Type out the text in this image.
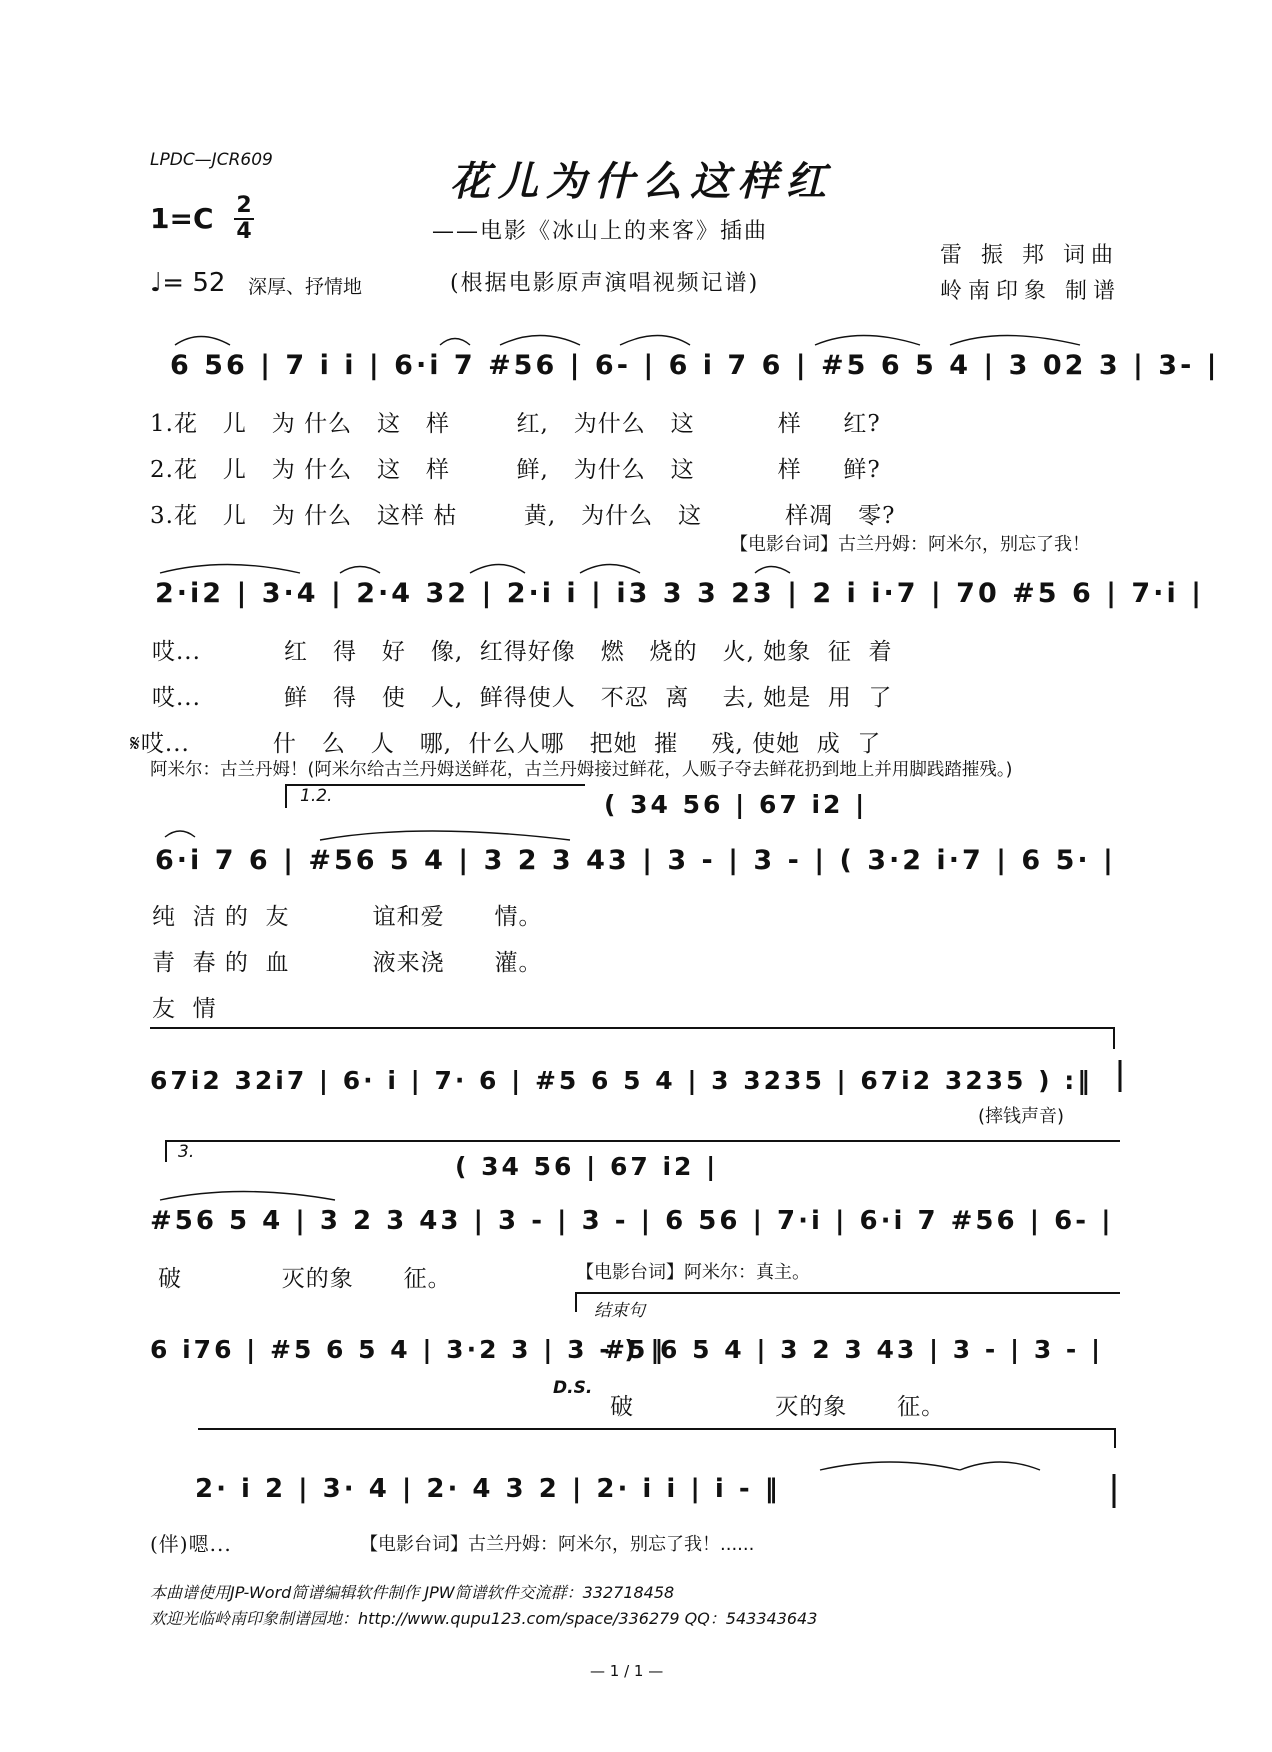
LPDC—JCR609	花儿为什么这样红
——电影《冰山上的来客》插曲
(根据电影原声演唱视频记谱)
1=C 2
4
♩= 52 深厚、抒情地
雷 振 邦 词曲
岭南印象 制谱
6 56 | 7 i i | 6·i 7 #56 | 6- | 6 i 7 6 | #5 6 5 4 | 3 02 3 | 3- |
1.花   儿   为 什么   这   样        红,   为什么   这          样     红?
2.花   儿   为 什么   这   样        鲜,   为什么   这          样     鲜?
3.花   儿   为 什么   这样 枯        黄,   为什么   这          样凋   零?
【电影台词】古兰丹姆：阿米尔，别忘了我！
2·i2 | 3·4 | 2·4 32 | 2·i i | i3 3 3 23 | 2 i i·7 | 70 #5 6 | 7·i |
哎...          红   得   好   像,  红得好像   燃   烧的   火, 她象  征  着
哎...          鲜   得   使   人,  鲜得使人   不忍  离    去, 她是  用  了
𝄋哎...          什   么   人   哪,  什么人哪   把她  摧    残, 使她  成  了
阿米尔：古兰丹姆！(阿米尔给古兰丹姆送鲜花，古兰丹姆接过鲜花，人贩子夺去鲜花扔到地上并用脚践踏摧残。)
1.2.	( 34 56 | 67 i2 |
6·i 7 6 | #56 5 4 | 3 2 3 43 | 3 - | 3 - | ( 3·2 i·7 | 6 5· |
纯  洁 的  友          谊和爱      情。
青  春 的  血          液来浇      灌。
友  情
67i2 32i7 | 6· i | 7· 6 | #5 6 5 4 | 3 3235 | 67i2 3235 ) :‖
(摔钱声音)
3.	( 34 56 | 67 i2 |
#56 5 4 | 3 2 3 43 | 3 - | 3 - | 6 56 | 7·i | 6·i 7 #56 | 6- |
破            灭的象      征。	【电影台词】阿米尔：真主。
结束句
6 i76 | #5 6 5 4 | 3·2 3 | 3 - ) ‖
#5 6 5 4 | 3 2 3 43 | 3 - | 3 - |
D.S.
破                 灭的象      征。
2· i 2 | 3· 4 | 2· 4 3 2 | 2· i i | i - ‖
(伴)嗯...	【电影台词】古兰丹姆：阿米尔，别忘了我！......
本曲谱使用JP-Word简谱编辑软件制作 JPW简谱软件交流群：332718458
欢迎光临岭南印象制谱园地：http://www.qupu123.com/space/336279 QQ：543343643
— 1 / 1 —
